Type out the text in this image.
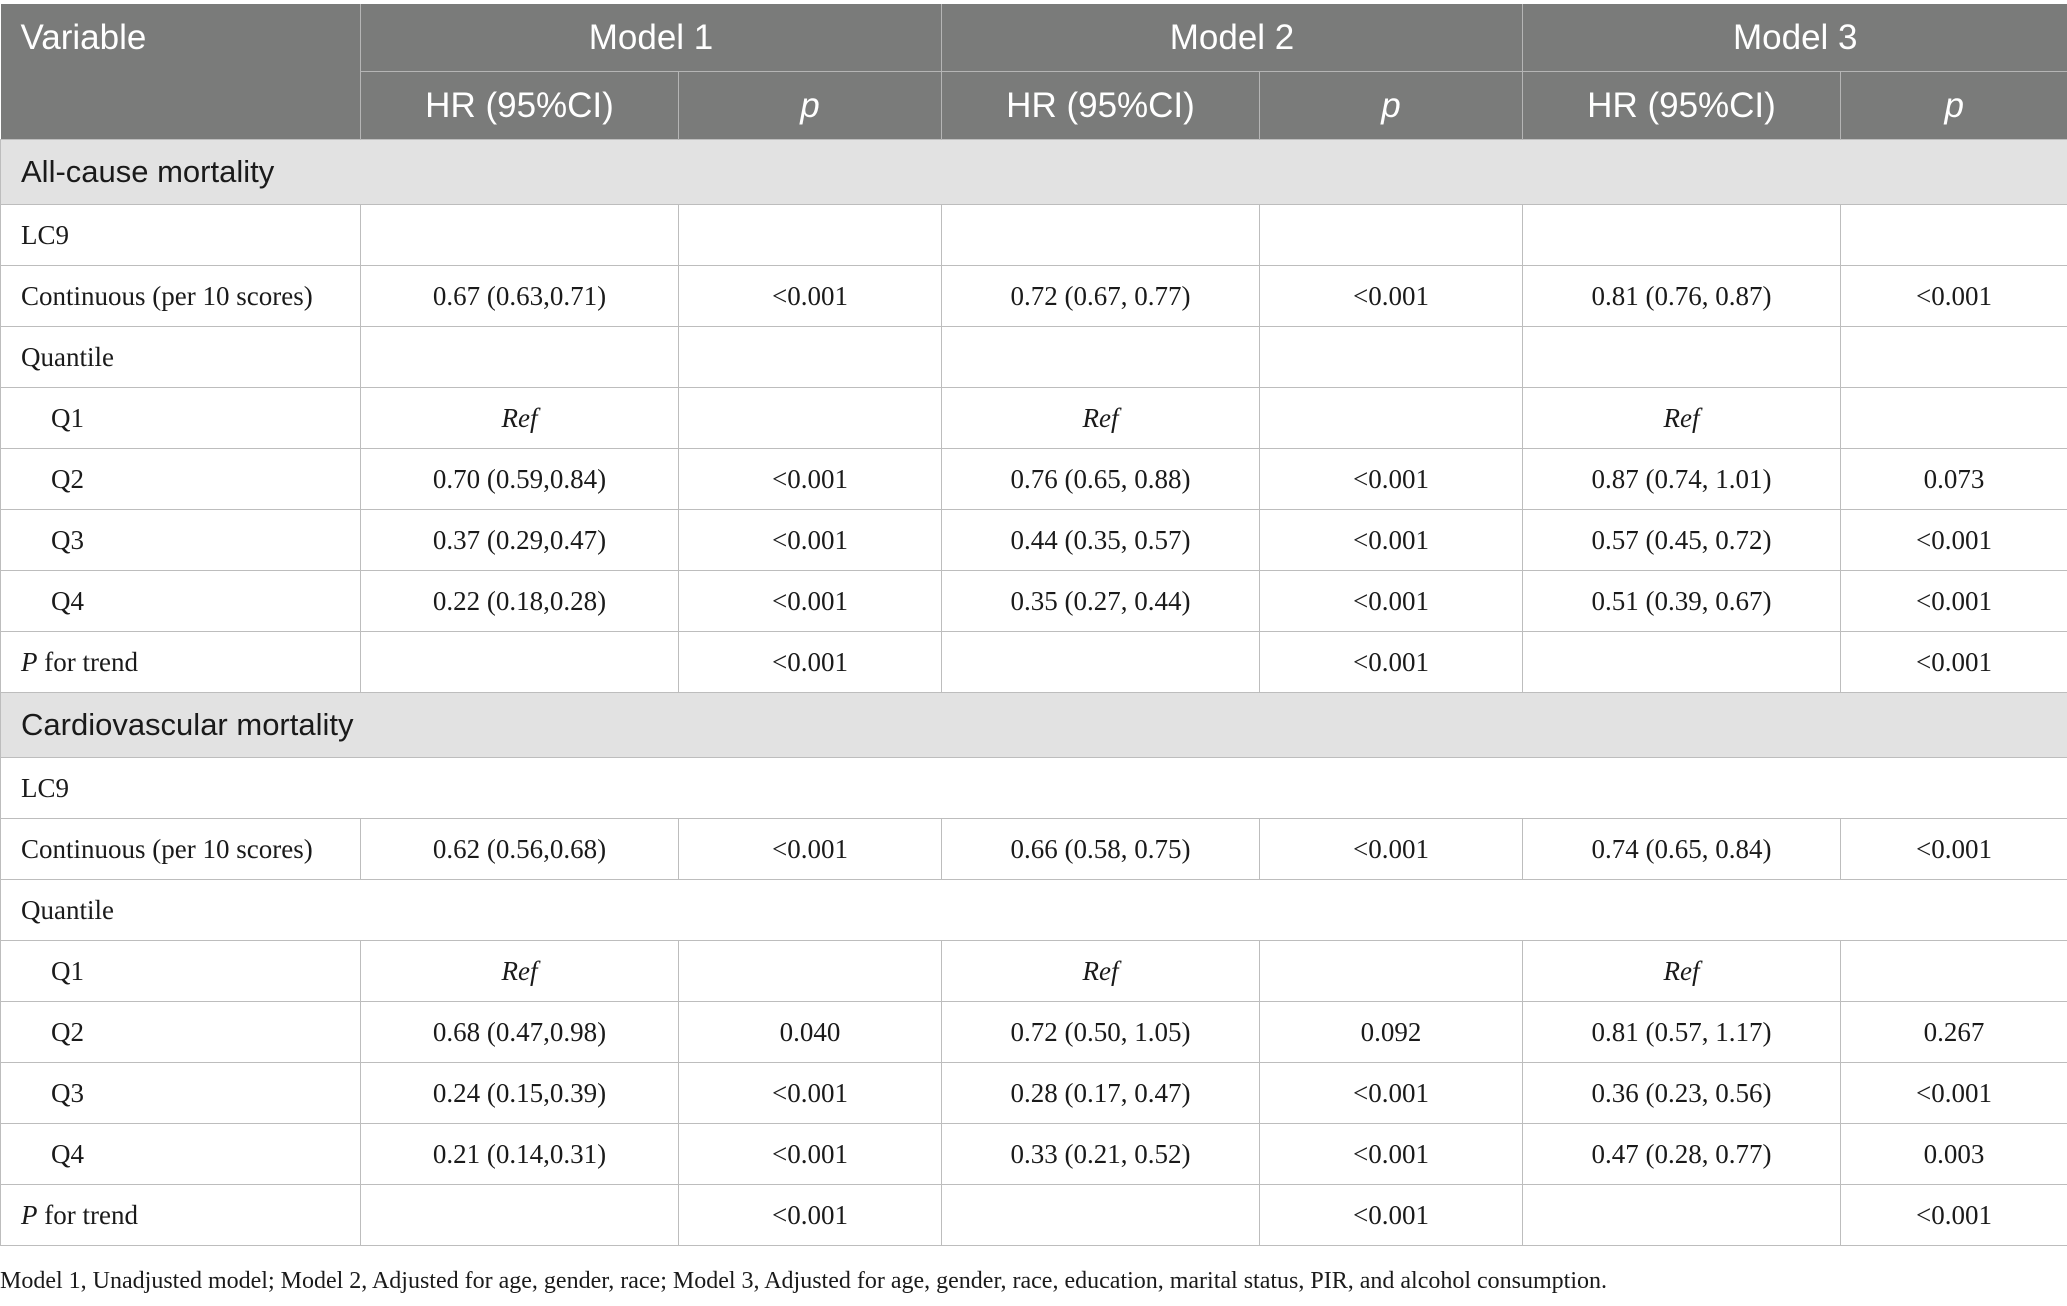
Variable	Model 1		Model 2		Model 3	
	HR (95%CI)	p	HR (95%CI)	p	HR (95%CI)	p
All-cause mortality						
LC9						
Continuous (per 10 scores)	0.67 (0.63,0.71)	<0.001	0.72 (0.67, 0.77)	<0.001	0.81 (0.76, 0.87)	<0.001
Quantile						
Q1	Ref		Ref		Ref	
Q2	0.70 (0.59,0.84)	<0.001	0.76 (0.65, 0.88)	<0.001	0.87 (0.74, 1.01)	0.073
Q3	0.37 (0.29,0.47)	<0.001	0.44 (0.35, 0.57)	<0.001	0.57 (0.45, 0.72)	<0.001
Q4	0.22 (0.18,0.28)	<0.001	0.35 (0.27, 0.44)	<0.001	0.51 (0.39, 0.67)	<0.001
P for trend		<0.001		<0.001		<0.001
Cardiovascular mortality						
LC9						
Continuous (per 10 scores)	0.62 (0.56,0.68)	<0.001	0.66 (0.58, 0.75)	<0.001	0.74 (0.65, 0.84)	<0.001
Quantile						
Q1	Ref		Ref		Ref	
Q2	0.68 (0.47,0.98)	0.040	0.72 (0.50, 1.05)	0.092	0.81 (0.57, 1.17)	0.267
Q3	0.24 (0.15,0.39)	<0.001	0.28 (0.17, 0.47)	<0.001	0.36 (0.23, 0.56)	<0.001
Q4	0.21 (0.14,0.31)	<0.001	0.33 (0.21, 0.52)	<0.001	0.47 (0.28, 0.77)	0.003
P for trend		<0.001		<0.001		<0.001
Model 1, Unadjusted model; Model 2, Adjusted for age, gender, race; Model 3, Adjusted for age, gender, race, education, marital status, PIR, and alcohol consumption.
